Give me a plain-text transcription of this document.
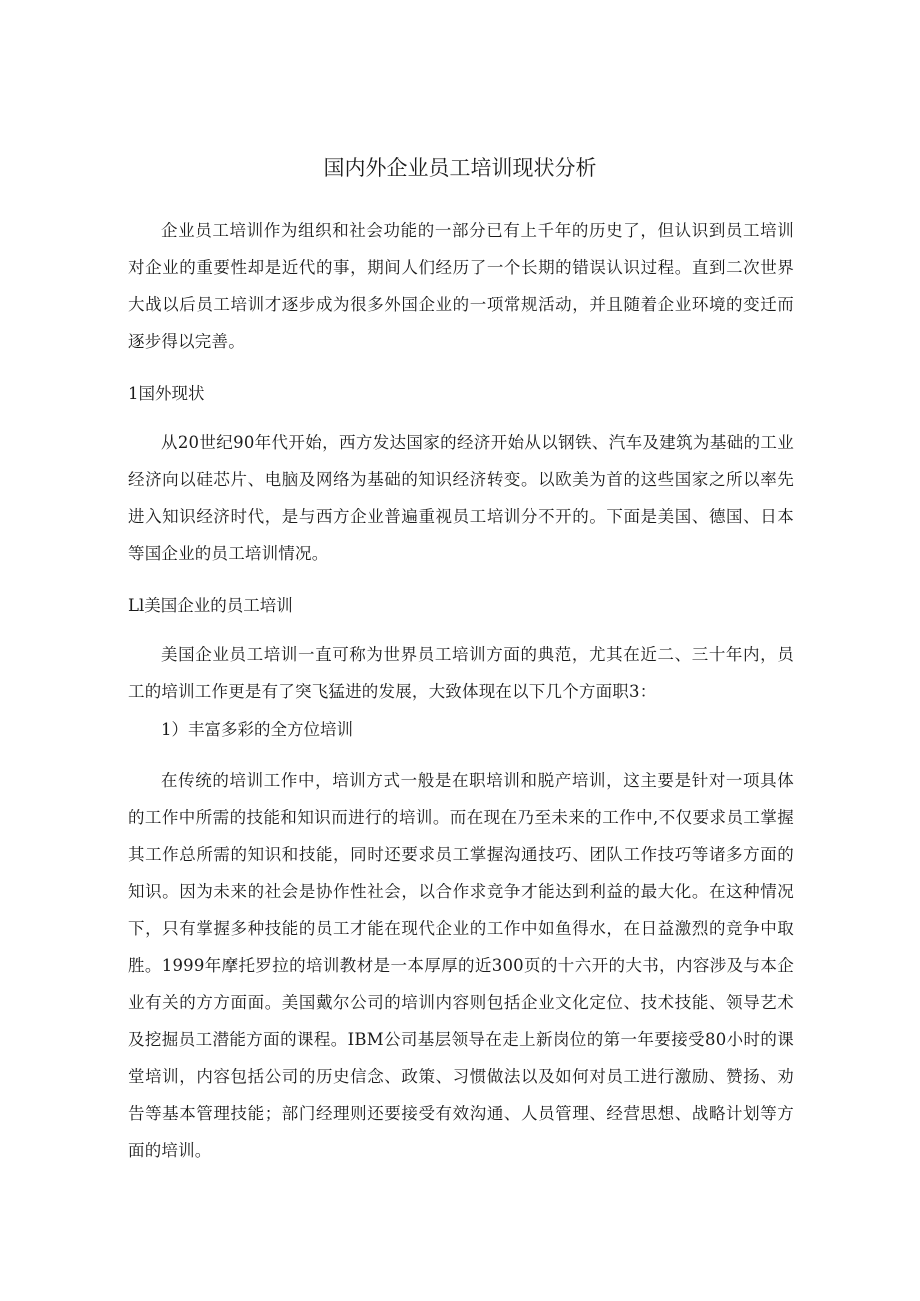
国内外企业员工培训现状分析

企业员工培训作为组织和社会功能的一部分已有上千年的历史了，但认识到员工培训对企业的重要性却是近代的事，期间人们经历了一个长期的错误认识过程。直到二次世界大战以后员工培训才逐步成为很多外国企业的一项常规活动，并且随着企业环境的变迁而逐步得以完善。

1国外现状

从20世纪90年代开始，西方发达国家的经济开始从以钢铁、汽车及建筑为基础的工业经济向以硅芯片、电脑及网络为基础的知识经济转变。以欧美为首的这些国家之所以率先进入知识经济时代，是与西方企业普遍重视员工培训分不开的。下面是美国、德国、日本等国企业的员工培训情况。

Ll美国企业的员工培训

美国企业员工培训一直可称为世界员工培训方面的典范，尤其在近二、三十年内，员工的培训工作更是有了突飞猛进的发展，大致体现在以下几个方面职3：

1）丰富多彩的全方位培训

在传统的培训工作中，培训方式一般是在职培训和脱产培训，这主要是针对一项具体的工作中所需的技能和知识而进行的培训。而在现在乃至未来的工作中,不仅要求员工掌握其工作总所需的知识和技能，同时还要求员工掌握沟通技巧、团队工作技巧等诸多方面的知识。因为未来的社会是协作性社会，以合作求竞争才能达到利益的最大化。在这种情况下，只有掌握多种技能的员工才能在现代企业的工作中如鱼得水，在日益激烈的竞争中取胜。1999年摩托罗拉的培训教材是一本厚厚的近300页的十六开的大书，内容涉及与本企业有关的方方面面。美国戴尔公司的培训内容则包括企业文化定位、技术技能、领导艺术及挖掘员工潜能方面的课程。IBM公司基层领导在走上新岗位的第一年要接受80小时的课堂培训，内容包括公司的历史信念、政策、习惯做法以及如何对员工进行激励、赞扬、劝告等基本管理技能；部门经理则还要接受有效沟通、人员管理、经营思想、战略计划等方面的培训。
